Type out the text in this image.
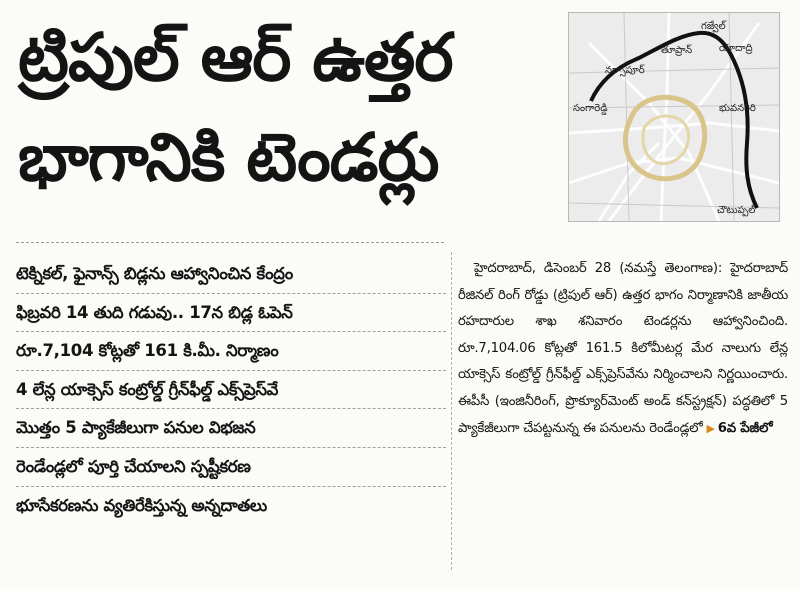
ట్రిపుల్ ఆర్ ఉత్తర
భాగానికి టెండర్లు
గజ్వేల్
తూప్రాన్
నర్సాపూర్
సంగారెడ్డి
యాదాద్రి
భువనగిరి
చౌటుప్పల్
టెక్నికల్, ఫైనాన్స్ బిడ్లను ఆహ్వానించిన కేంద్రం
ఫిబ్రవరి 14 తుది గడువు.. 17న బిడ్ల ఓపెన్
రూ.7,104 కోట్లతో 161 కి.మీ. నిర్మాణం
4 లేన్ల యాక్సెస్ కంట్రోల్డ్ గ్రీన్‌ఫీల్డ్ ఎక్స్‌ప్రెస్‌వే
మొత్తం 5 ప్యాకేజీలుగా పనుల విభజన
రెండేండ్లలో పూర్తి చేయాలని స్పష్టీకరణ
భూసేకరణను వ్యతిరేకిస్తున్న అన్నదాతలు
హైదరాబాద్, డిసెంబర్ 28 (నమస్తే తెలంగాణ): హైదరాబాద్ రీజినల్ రింగ్ రోడ్డు (ట్రిపుల్ ఆర్) ఉత్తర భాగం నిర్మాణానికి జాతీయ రహదారుల శాఖ శనివారం టెండర్లను ఆహ్వానించింది. రూ.7,104.06 కోట్లతో 161.5 కిలోమీటర్ల మేర నాలుగు లేన్ల యాక్సెస్ కంట్రోల్డ్ గ్రీన్‌ఫీల్డ్ ఎక్స్‌ప్రెస్‌వేను నిర్మించాలని నిర్ణయించారు. ఈపీసీ (ఇంజినీరింగ్, ప్రొక్యూర్‌మెంట్ అండ్ కన్‌స్ట్రక్షన్) పద్ధతిలో 5 ప్యాకేజీలుగా చేపట్టనున్న ఈ పనులను రెండేండ్లలో ▶ 6వ పేజీలో
